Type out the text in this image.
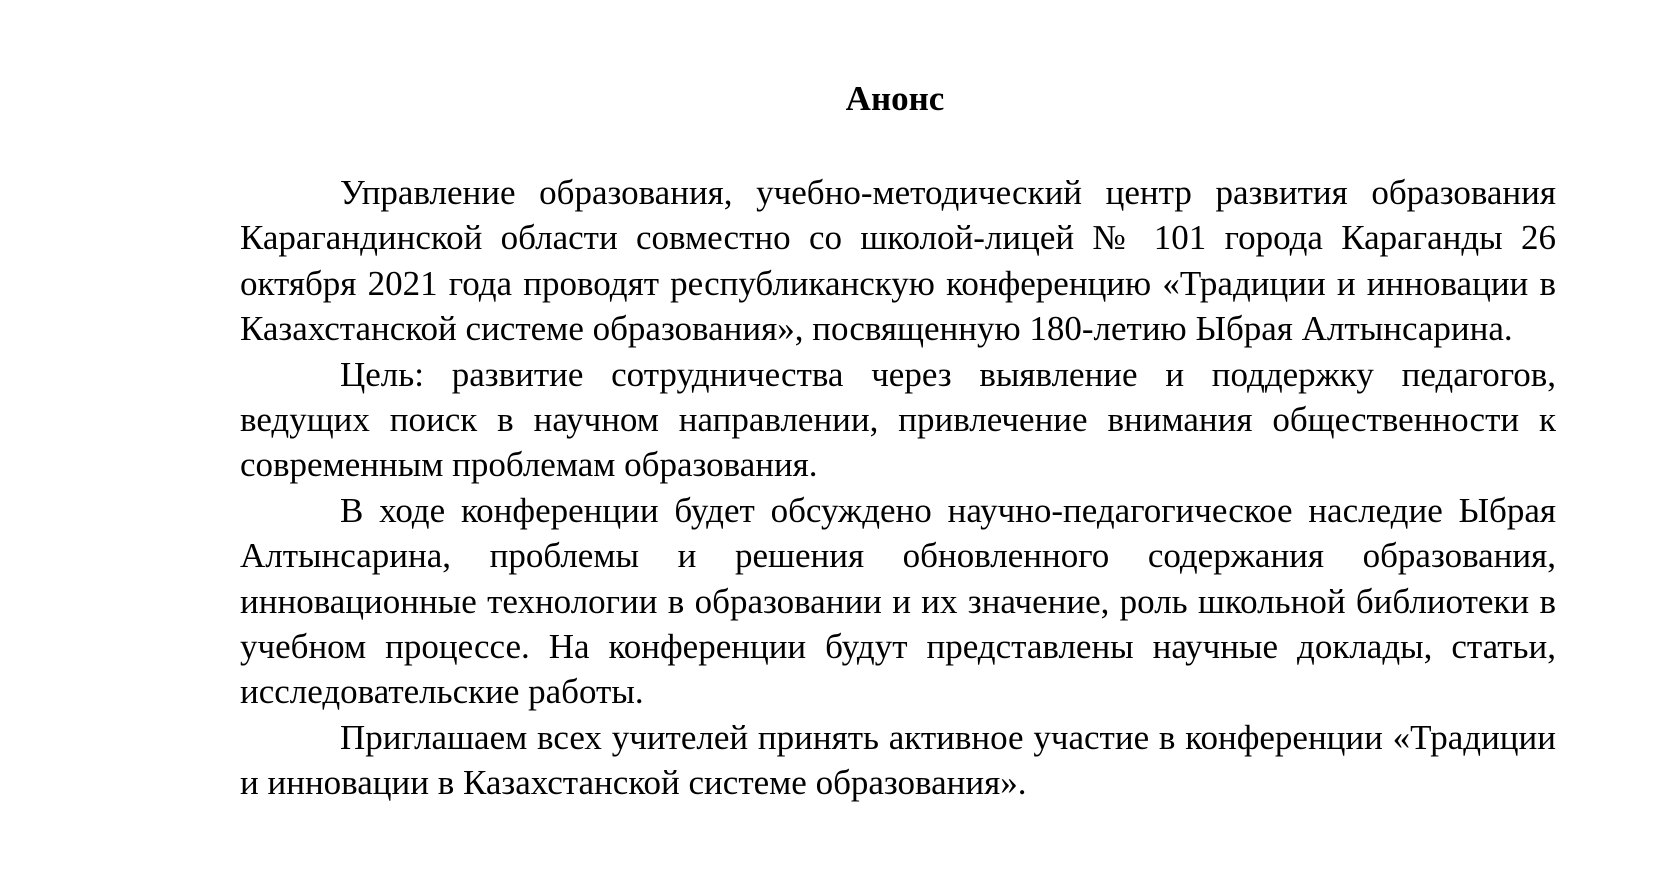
Анонс

Управление образования, учебно-методический центр развития образования Карагандинской области совместно со школой-лицей № 101 города Караганды 26 октября 2021 года проводят республиканскую конференцию «Традиции и инновации в Казахстанской системе образования», посвященную 180-летию Ыбрая Алтынсарина.

Цель: развитие сотрудничества через выявление и поддержку педагогов, ведущих поиск в научном направлении, привлечение внимания общественности к современным проблемам образования.

В ходе конференции будет обсуждено научно-педагогическое наследие Ыбрая Алтынсарина, проблемы и решения обновленного содержания образования, инновационные технологии в образовании и их значение, роль школьной библиотеки в учебном процессе. На конференции будут представлены научные доклады, статьи, исследовательские работы.

Приглашаем всех учителей принять активное участие в конференции «Традиции и инновации в Казахстанской системе образования».
